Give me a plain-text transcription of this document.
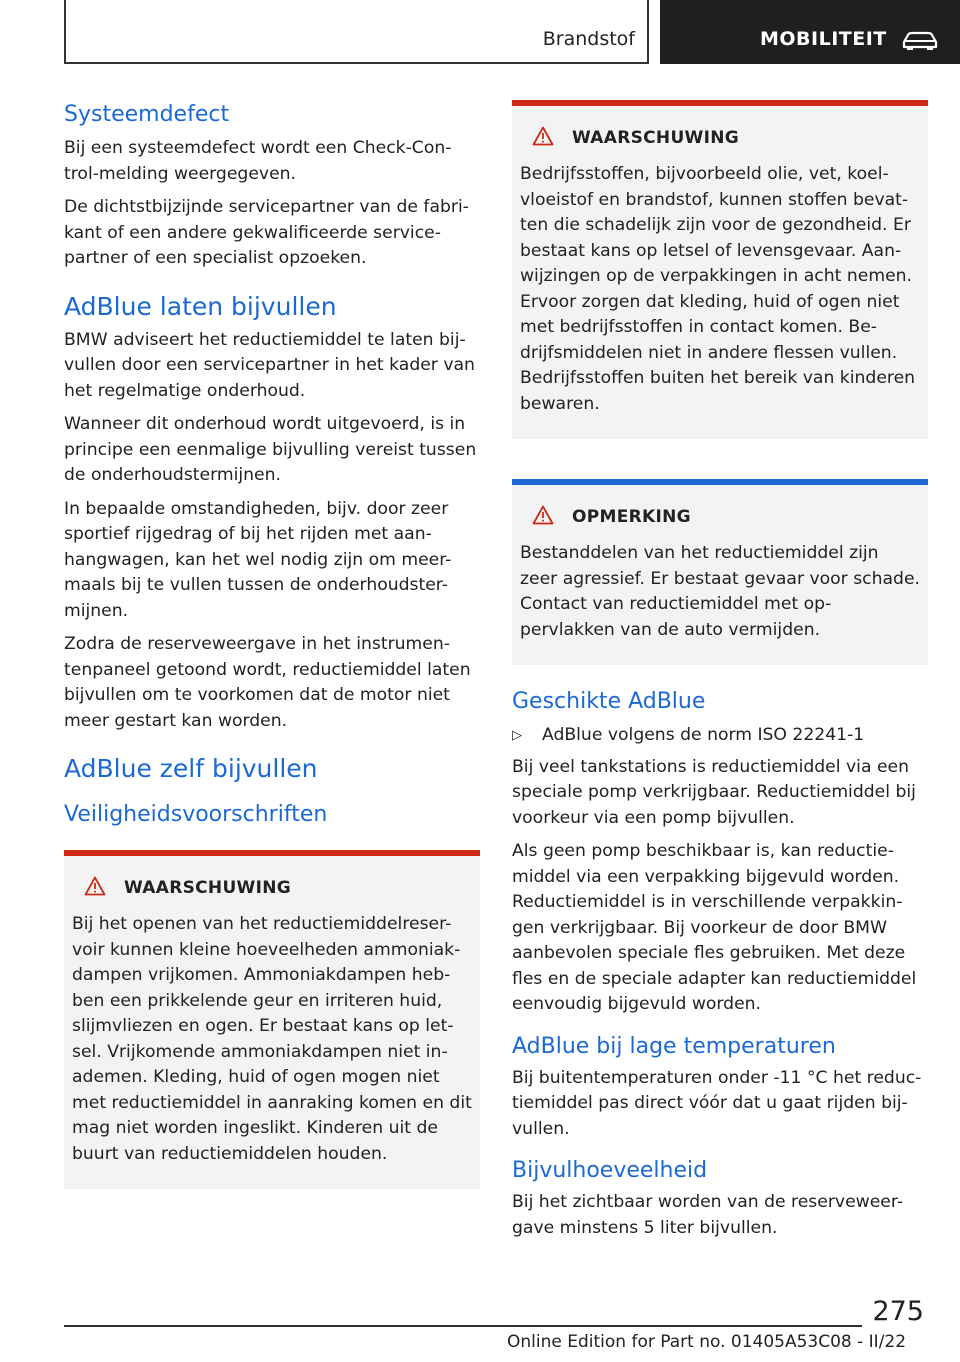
Brandstof	MOBILITEIT
Systeemdefect

Bij een systeemdefect wordt een Check-Con-trol-melding weergegeven.

De dichtstbijzijnde servicepartner van de fabri-kant of een andere gekwalificeerde service-partner of een specialist opzoeken.

AdBlue laten bijvullen

BMW adviseert het reductiemiddel te laten bij-vullen door een servicepartner in het kader van het regelmatige onderhoud.

Wanneer dit onderhoud wordt uitgevoerd, is in principe een eenmalige bijvulling vereist tussen de onderhoudstermijnen.

In bepaalde omstandigheden, bijv. door zeer sportief rijgedrag of bij het rijden met aan-hangwagen, kan het wel nodig zijn om meer-maals bij te vullen tussen de onderhoudster-mijnen.

Zodra de reserveweergave in het instrumen-tenpaneel getoond wordt, reductiemiddel laten bijvullen om te voorkomen dat de motor niet meer gestart kan worden.

AdBlue zelf bijvullen
Veiligheidsvoorschriften
WAARSCHUWING

Bij het openen van het reductiemiddelreser-voir kunnen kleine hoeveelheden ammoniak-dampen vrijkomen. Ammoniakdampen heb-ben een prikkelende geur en irriteren huid, slijmvliezen en ogen. Er bestaat kans op let-sel. Vrijkomende ammoniakdampen niet in-ademen. Kleding, huid of ogen mogen niet met reductiemiddel in aanraking komen en dit mag niet worden ingeslikt. Kinderen uit de buurt van reductiemiddelen houden.

WAARSCHUWING

Bedrijfsstoffen, bijvoorbeeld olie, vet, koel-vloeistof en brandstof, kunnen stoffen bevat-ten die schadelijk zijn voor de gezondheid. Er bestaat kans op letsel of levensgevaar. Aan-wijzingen op de verpakkingen in acht nemen. Ervoor zorgen dat kleding, huid of ogen niet met bedrijfsstoffen in contact komen. Be-drijfsmiddelen niet in andere flessen vullen. Bedrijfsstoffen buiten het bereik van kinderen bewaren.

OPMERKING

Bestanddelen van het reductiemiddel zijn zeer agressief. Er bestaat gevaar voor schade. Contact van reductiemiddel met op-pervlakken van de auto vermijden.

Geschikte AdBlue
▷	AdBlue volgens de norm ISO 22241-1

Bij veel tankstations is reductiemiddel via een speciale pomp verkrijgbaar. Reductiemiddel bij voorkeur via een pomp bijvullen.

Als geen pomp beschikbaar is, kan reductie-middel via een verpakking bijgevuld worden. Reductiemiddel is in verschillende verpakkin-gen verkrijgbaar. Bij voorkeur de door BMW aanbevolen speciale fles gebruiken. Met deze fles en de speciale adapter kan reductiemiddel eenvoudig bijgevuld worden.

AdBlue bij lage temperaturen

Bij buitentemperaturen onder -11 °C het reduc-tiemiddel pas direct vóór dat u gaat rijden bij-vullen.

Bijvulhoeveelheid

Bij het zichtbaar worden van de reserveweer-gave minstens 5 liter bijvullen.

275
Online Edition for Part no. 01405A53C08 - II/22
